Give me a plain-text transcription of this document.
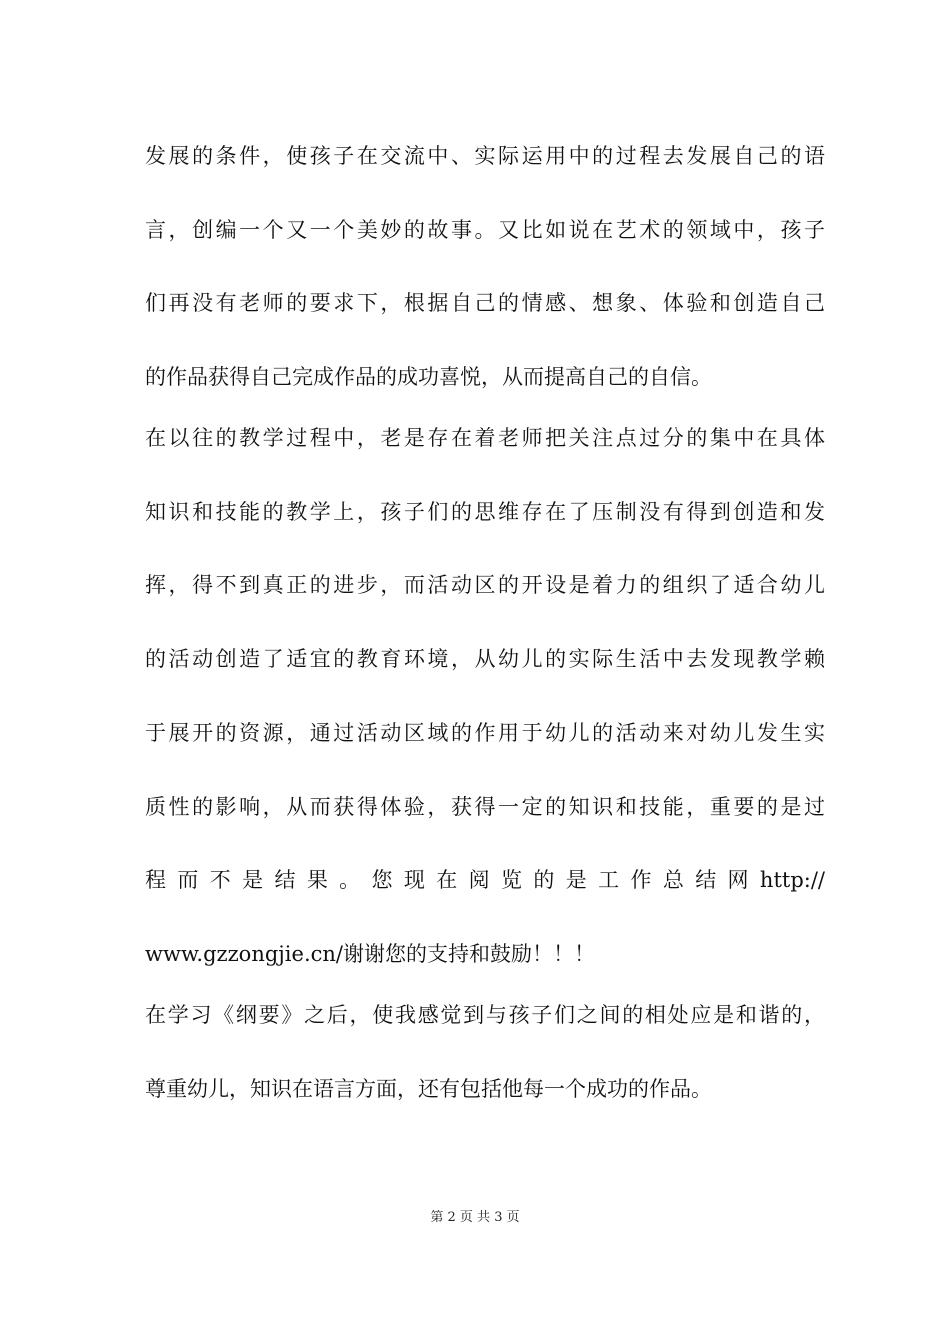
发展的条件，使孩子在交流中、实际运用中的过程去发展自己的语
言，创编一个又一个美妙的故事。又比如说在艺术的领域中，孩子
们再没有老师的要求下，根据自己的情感、想象、体验和创造自己
的作品获得自己完成作品的成功喜悦，从而提高自己的自信。
在以往的教学过程中，老是存在着老师把关注点过分的集中在具体
知识和技能的教学上，孩子们的思维存在了压制没有得到创造和发
挥，得不到真正的进步，而活动区的开设是着力的组织了适合幼儿
的活动创造了适宜的教育环境，从幼儿的实际生活中去发现教学赖
于展开的资源，通过活动区域的作用于幼儿的活动来对幼儿发生实
质性的影响，从而获得体验，获得一定的知识和技能，重要的是过
程 而 不 是 结 果 。 您 现 在 阅 览 的 是 工 作 总 结 网 http://
www.gzzongjie.cn/谢谢您的支持和鼓励！！！
在学习《纲要》之后，使我感觉到与孩子们之间的相处应是和谐的，
尊重幼儿，知识在语言方面，还有包括他每一个成功的作品。
第 2 页 共 3 页
